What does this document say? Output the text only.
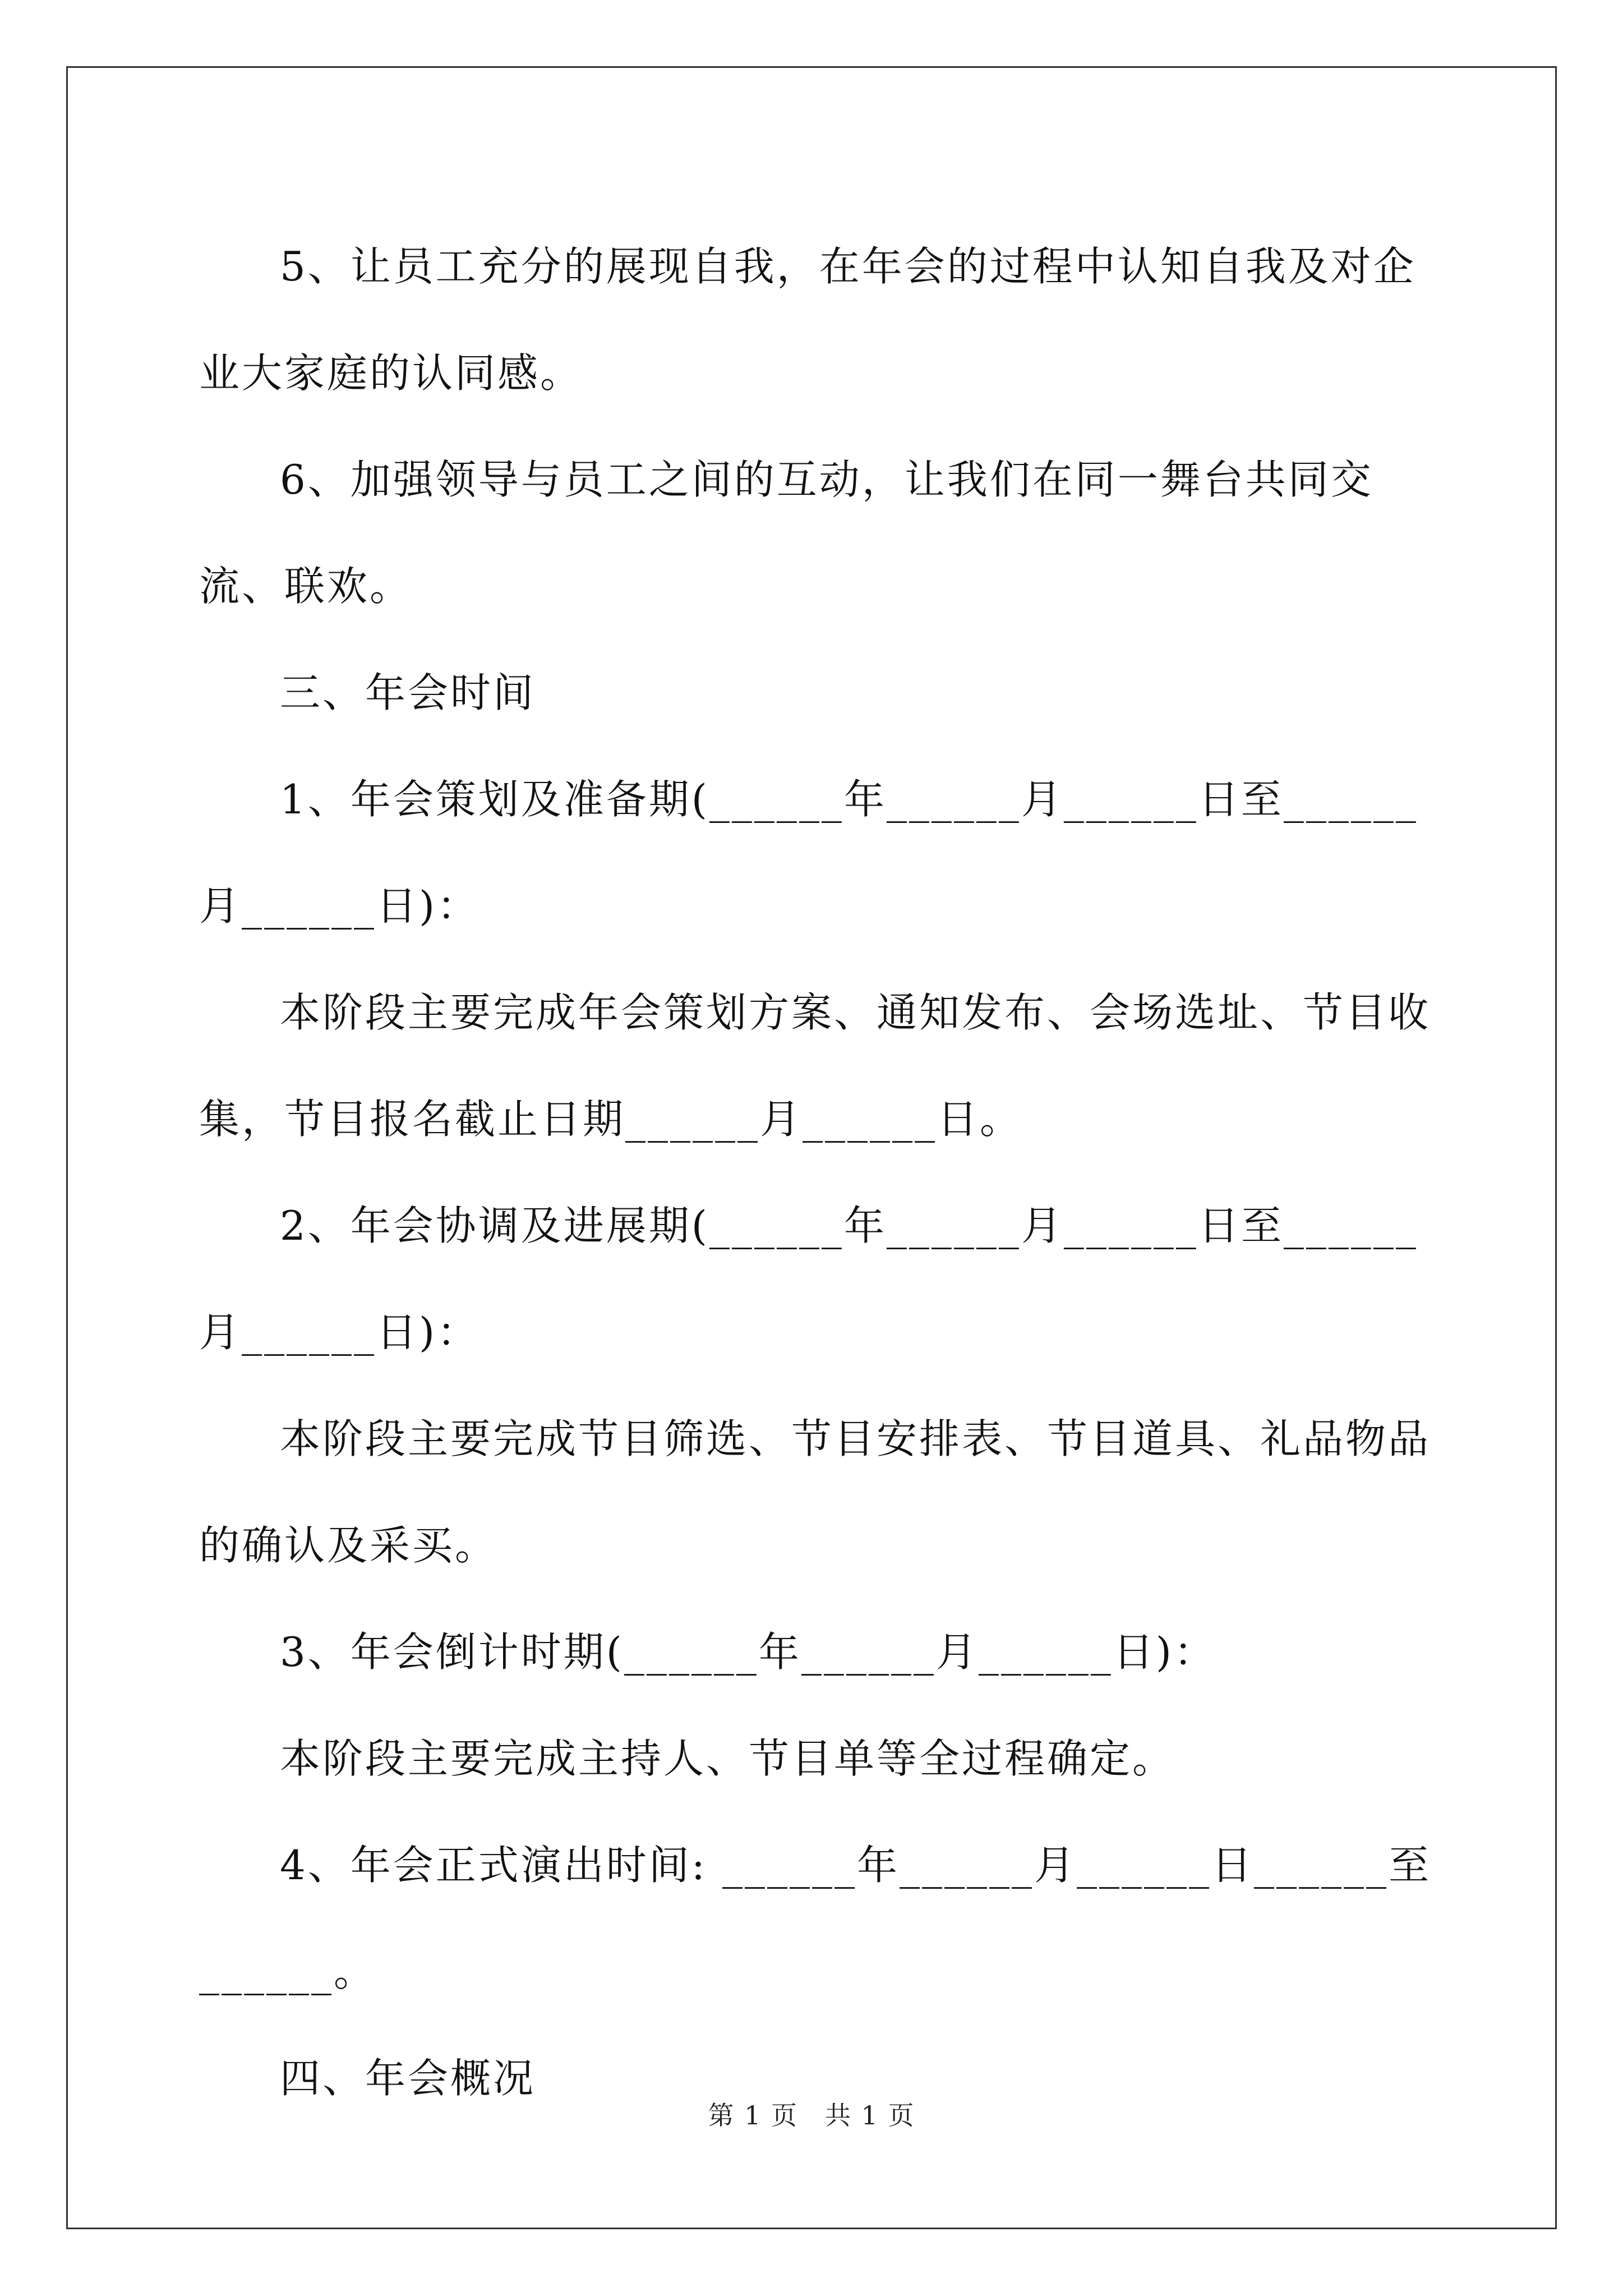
5、让员工充分的展现自我，在年会的过程中认知自我及对企业大家庭的认同感。

6、加强领导与员工之间的互动，让我们在同一舞台共同交流、联欢。

三、年会时间

1、年会策划及准备期(______年______月______日至______月______日)：

本阶段主要完成年会策划方案、通知发布、会场选址、节目收集，节目报名截止日期______月______日。

2、年会协调及进展期(______年______月______日至______月______日)：

本阶段主要完成节目筛选、节目安排表、节目道具、礼品物品的确认及采买。

3、年会倒计时期(______年______月______日)：

本阶段主要完成主持人、节目单等全过程确定。

4、年会正式演出时间: ______年______月______日______至______。

四、年会概况

第 1 页　共 1 页
